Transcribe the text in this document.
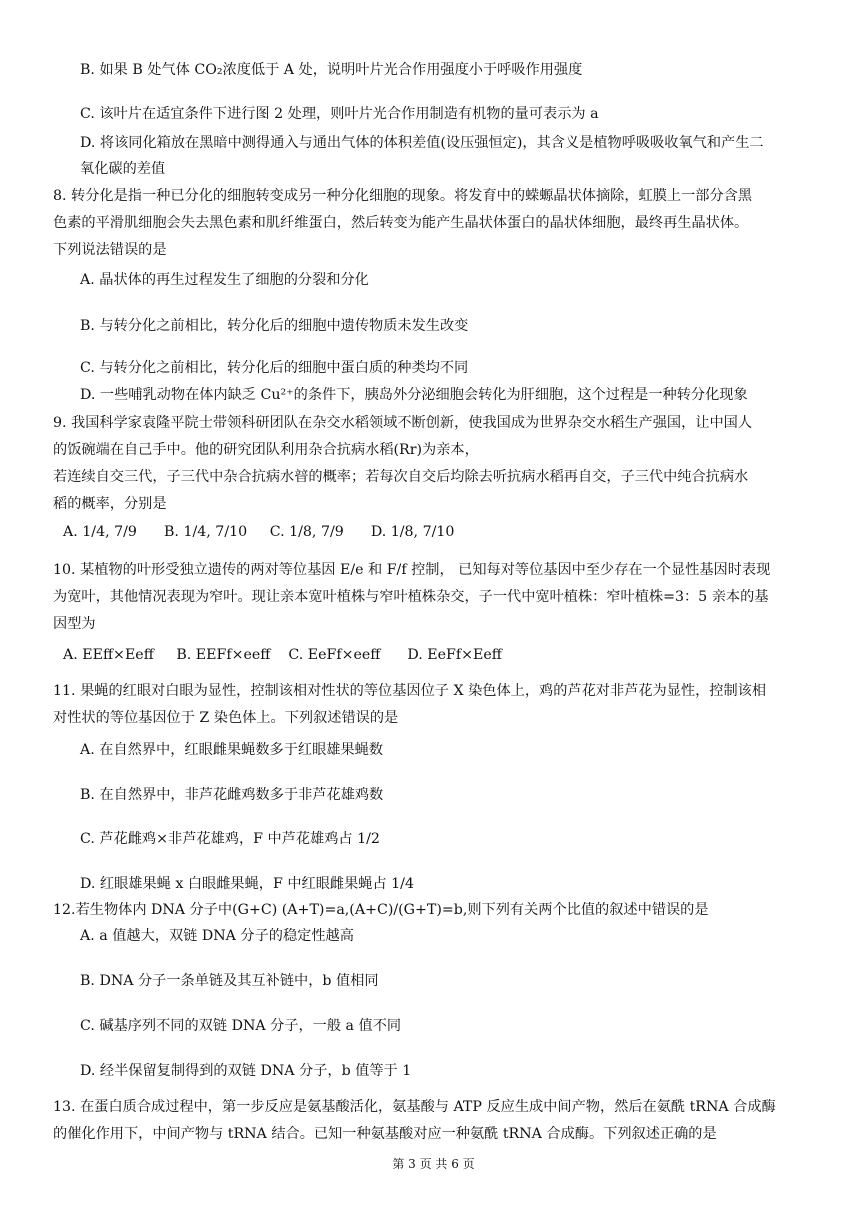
B. 如果 B 处气体 CO₂浓度低于 A 处，说明叶片光合作用强度小于呼吸作用强度
C. 该叶片在适宜条件下进行图 2 处理，则叶片光合作用制造有机物的量可表示为 a
D. 将该同化箱放在黑暗中测得通入与通出气体的体积差值(设压强恒定)，其含义是植物呼吸吸收氧气和产生二
氧化碳的差值
8. 转分化是指一种已分化的细胞转变成另一种分化细胞的现象。将发育中的蝾螈晶状体摘除，虹膜上一部分含黑
色素的平滑肌细胞会失去黑色素和肌纤维蛋白，然后转变为能产生晶状体蛋白的晶状体细胞，最终再生晶状体。
下列说法错误的是
A. 晶状体的再生过程发生了细胞的分裂和分化
B. 与转分化之前相比，转分化后的细胞中遗传物质未发生改变
C. 与转分化之前相比，转分化后的细胞中蛋白质的种类均不同
D. 一些哺乳动物在体内缺乏 Cu²⁺的条件下，胰岛外分泌细胞会转化为肝细胞，这个过程是一种转分化现象
9. 我国科学家袁隆平院士带领科研团队在杂交水稻领域不断创新，使我国成为世界杂交水稻生产强国，让中国人
的饭碗端在自己手中。他的研究团队利用杂合抗病水稻(Rr)为亲本，
若连续自交三代，子三代中杂合抗病水暜的概率；若每次自交后均除去听抗病水稻再自交，子三代中纯合抗病水
稻的概率，分别是
A. 1/4, 7/9      B. 1/4, 7/10     C. 1/8, 7/9      D. 1/8, 7/10
10. 某植物的叶形受独立遗传的两对等位基因 E/e 和 F/f 控制， 已知每对等位基因中至少存在一个显性基因时表现
为宽叶，其他情况表现为窄叶。现让亲本宽叶植株与窄叶植株杂交，子一代中宽叶植株：窄叶植株=3：5 亲本的基
因型为
A. EEff×Eeff     B. EEFf×eeff    C. EeFf×eeff      D. EeFf×Eeff
11. 果蝇的红眼对白眼为显性，控制该相对性状的等位基因位子 X 染色体上，鸡的芦花对非芦花为显性，控制该相
对性状的等位基因位于 Z 染色体上。下列叙述错误的是
A. 在自然界中，红眼雌果蝇数多于红眼雄果蝇数
B. 在自然界中，非芦花雌鸡数多于非芦花雄鸡数
C. 芦花雌鸡×非芦花雄鸡，F 中芦花雄鸡占 1/2
D. 红眼雄果蝇 x 白眼雌果蝇，F 中红眼雌果蝇占 1/4
12.若生物体内 DNA 分子中(G+C) (A+T)=a,(A+C)/(G+T)=b,则下列有关两个比值的叙述中错误的是
A. a 值越大，双链 DNA 分子的稳定性越高
B. DNA 分子一条单链及其互补链中，b 值相同
C. 碱基序列不同的双链 DNA 分子，一般 a 值不同
D. 经半保留复制得到的双链 DNA 分子，b 值等于 1
13. 在蛋白质合成过程中，第一步反应是氨基酸活化，氨基酸与 ATP 反应生成中间产物，然后在氨酰 tRNA 合成酶
的催化作用下，中间产物与 tRNA 结合。已知一种氨基酸对应一种氨酰 tRNA 合成酶。下列叙述正确的是
第 3 页 共 6 页
